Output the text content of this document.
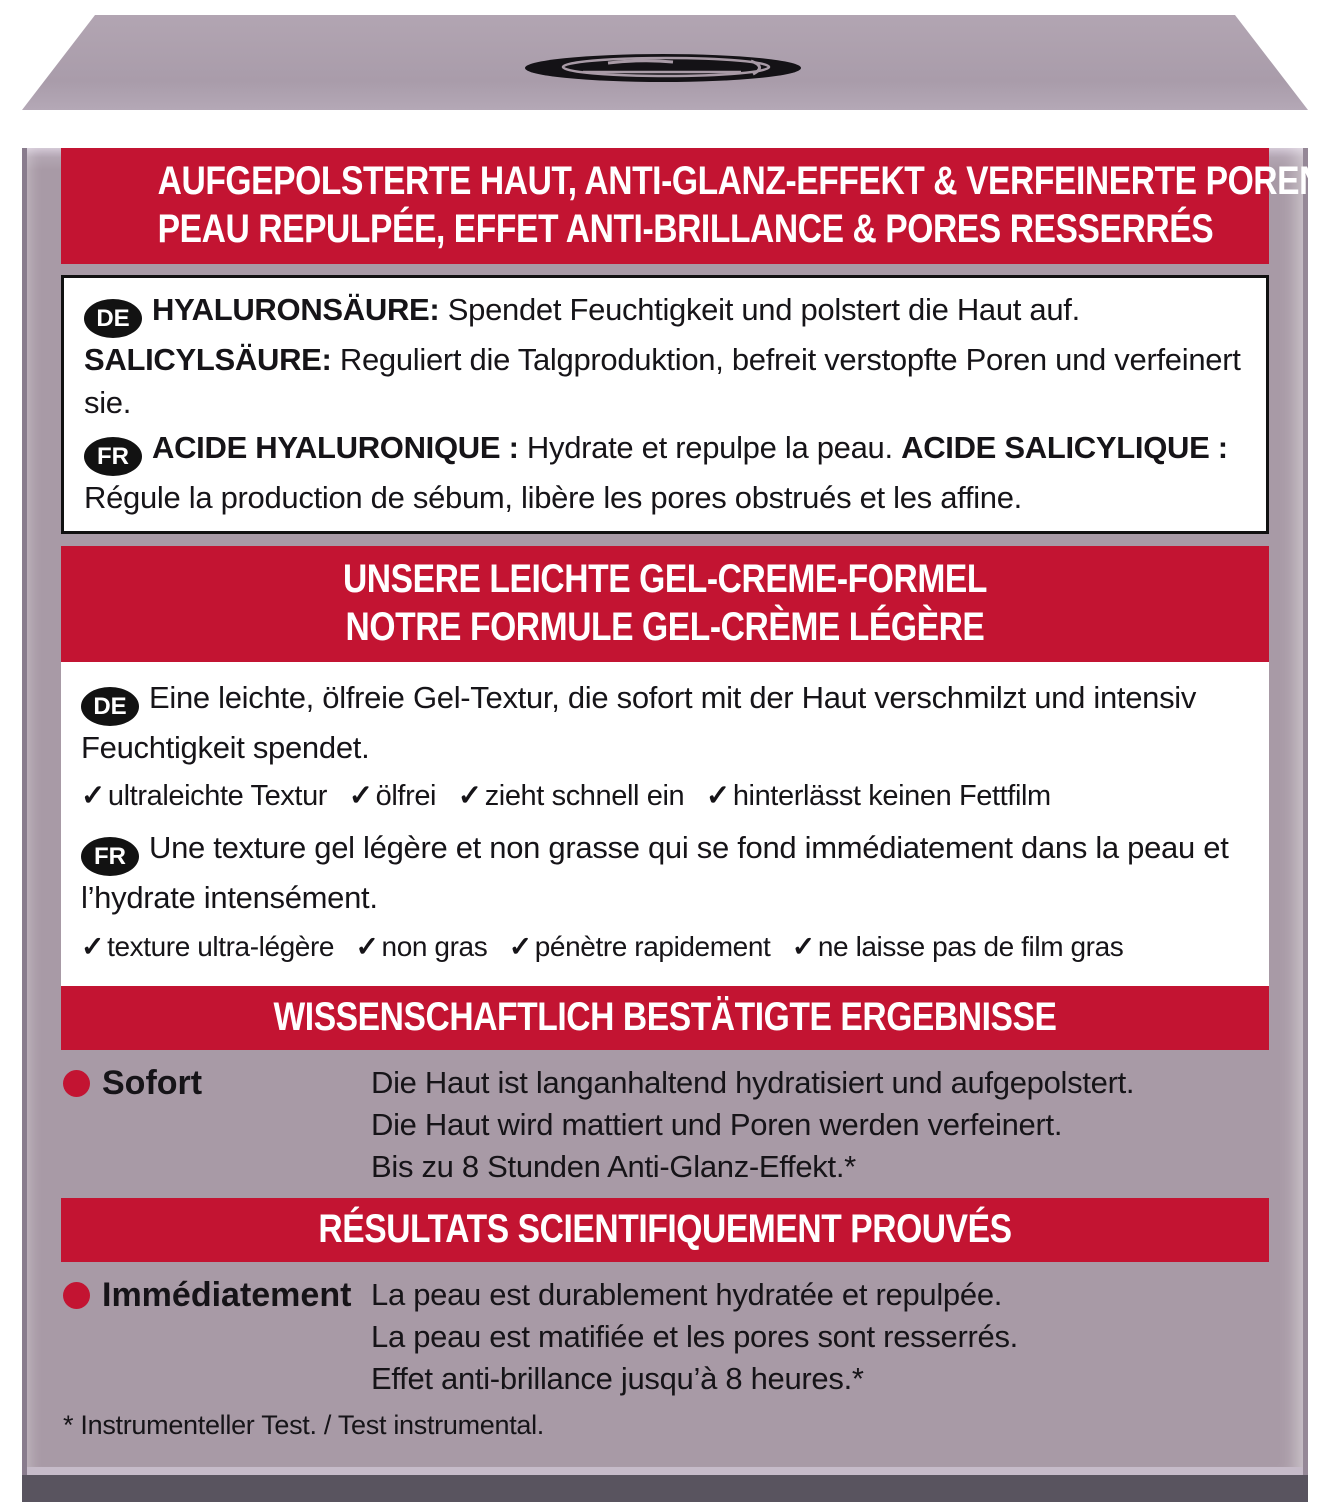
AUFGEPOLSTERTE HAUT, ANTI-GLANZ-EFFEKT & VERFEINERTE POREN
PEAU REPULPÉE, EFFET ANTI-BRILLANCE & PORES RESSERRÉS

DE HYALURONSÄURE: Spendet Feuchtigkeit und polstert die Haut auf. SALICYLSÄURE: Reguliert die Talgproduktion, befreit verstopfte Poren und verfeinert sie.

FR ACIDE HYALURONIQUE : Hydrate et repulpe la peau. ACIDE SALICYLIQUE : Régule la production de sébum, libère les pores obstrués et les affine.

UNSERE LEICHTE GEL-CREME-FORMEL
NOTRE FORMULE GEL-CRÈME LÉGÈRE

DE Eine leichte, ölfreie Gel-Textur, die sofort mit der Haut verschmilzt und intensiv Feuchtigkeit spendet.

✓ ultraleichte Textur ✓ ölfrei ✓ zieht schnell ein ✓ hinterlässt keinen Fettfilm

FR Une texture gel légère et non grasse qui se fond immédiatement dans la peau et l’hydrate intensément.

✓ texture ultra-légère ✓ non gras ✓ pénètre rapidement ✓ ne laisse pas de film gras
WISSENSCHAFTLICH BESTÄTIGTE ERGEBNISSE
Sofort	Die Haut ist langanhaltend hydratisiert und aufgepolstert.
Die Haut wird mattiert und Poren werden verfeinert.
Bis zu 8 Stunden Anti-Glanz-Effekt.*
RÉSULTATS SCIENTIFIQUEMENT PROUVÉS
Immédiatement La peau est durablement hydratée et repulpée.
La peau est matifiée et les pores sont resserrés.
Effet anti-brillance jusqu’à 8 heures.*
* Instrumenteller Test. / Test instrumental.
